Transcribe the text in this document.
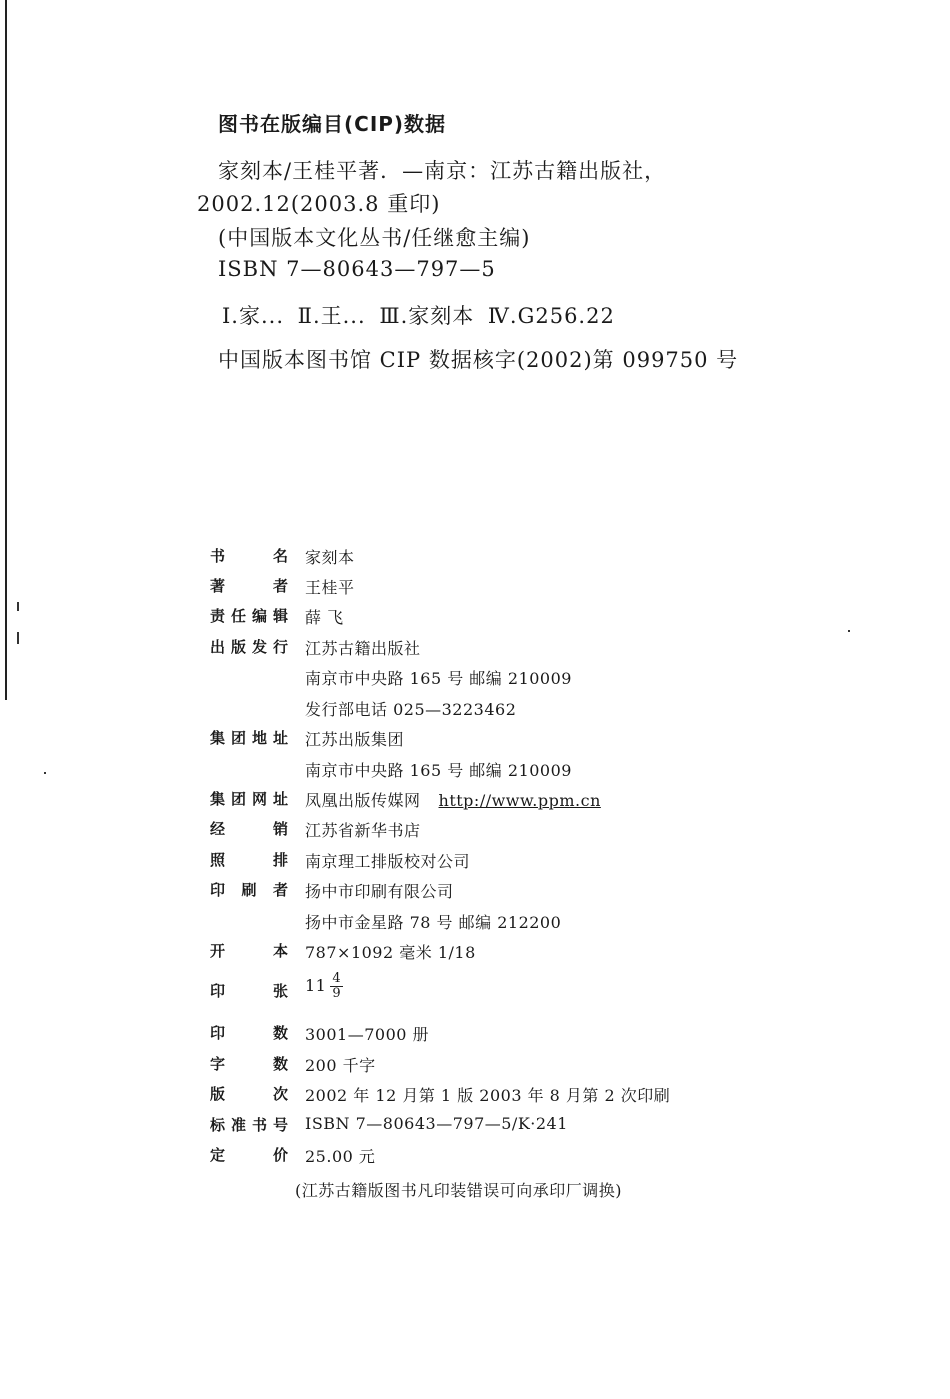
图书在版编目(CIP)数据
家刻本/王桂平著．—南京：江苏古籍出版社，
2002.12(2003.8 重印)
(中国版本文化丛书/任继愈主编)
ISBN 7—80643—797—5
Ⅰ.家... Ⅱ.王... Ⅲ.家刻本 Ⅳ.G256.22
中国版本图书馆 CIP 数据核字(2002)第 099750 号
书名 家刻本
著者 王桂平
责任编辑 薛 飞
出版发行 江苏古籍出版社
南京市中央路 165 号 邮编 210009
发行部电话 025—3223462
集团地址 江苏出版集团
南京市中央路 165 号 邮编 210009
集团网址 凤凰出版传媒网 http://www.ppm.cn
经销 江苏省新华书店
照排 南京理工排版校对公司
印刷者 扬中市印刷有限公司
扬中市金星路 78 号 邮编 212200
开本 787×1092 毫米 1/18
印张 $11 \frac{4}{9}$
印数 3001—7000 册
字数 200 千字
版次 2002 年 12 月第 1 版 2003 年 8 月第 2 次印刷
标准书号 ISBN 7—80643—797—5/K·241
定价 25.00 元
(江苏古籍版图书凡印装错误可向承印厂调换)
